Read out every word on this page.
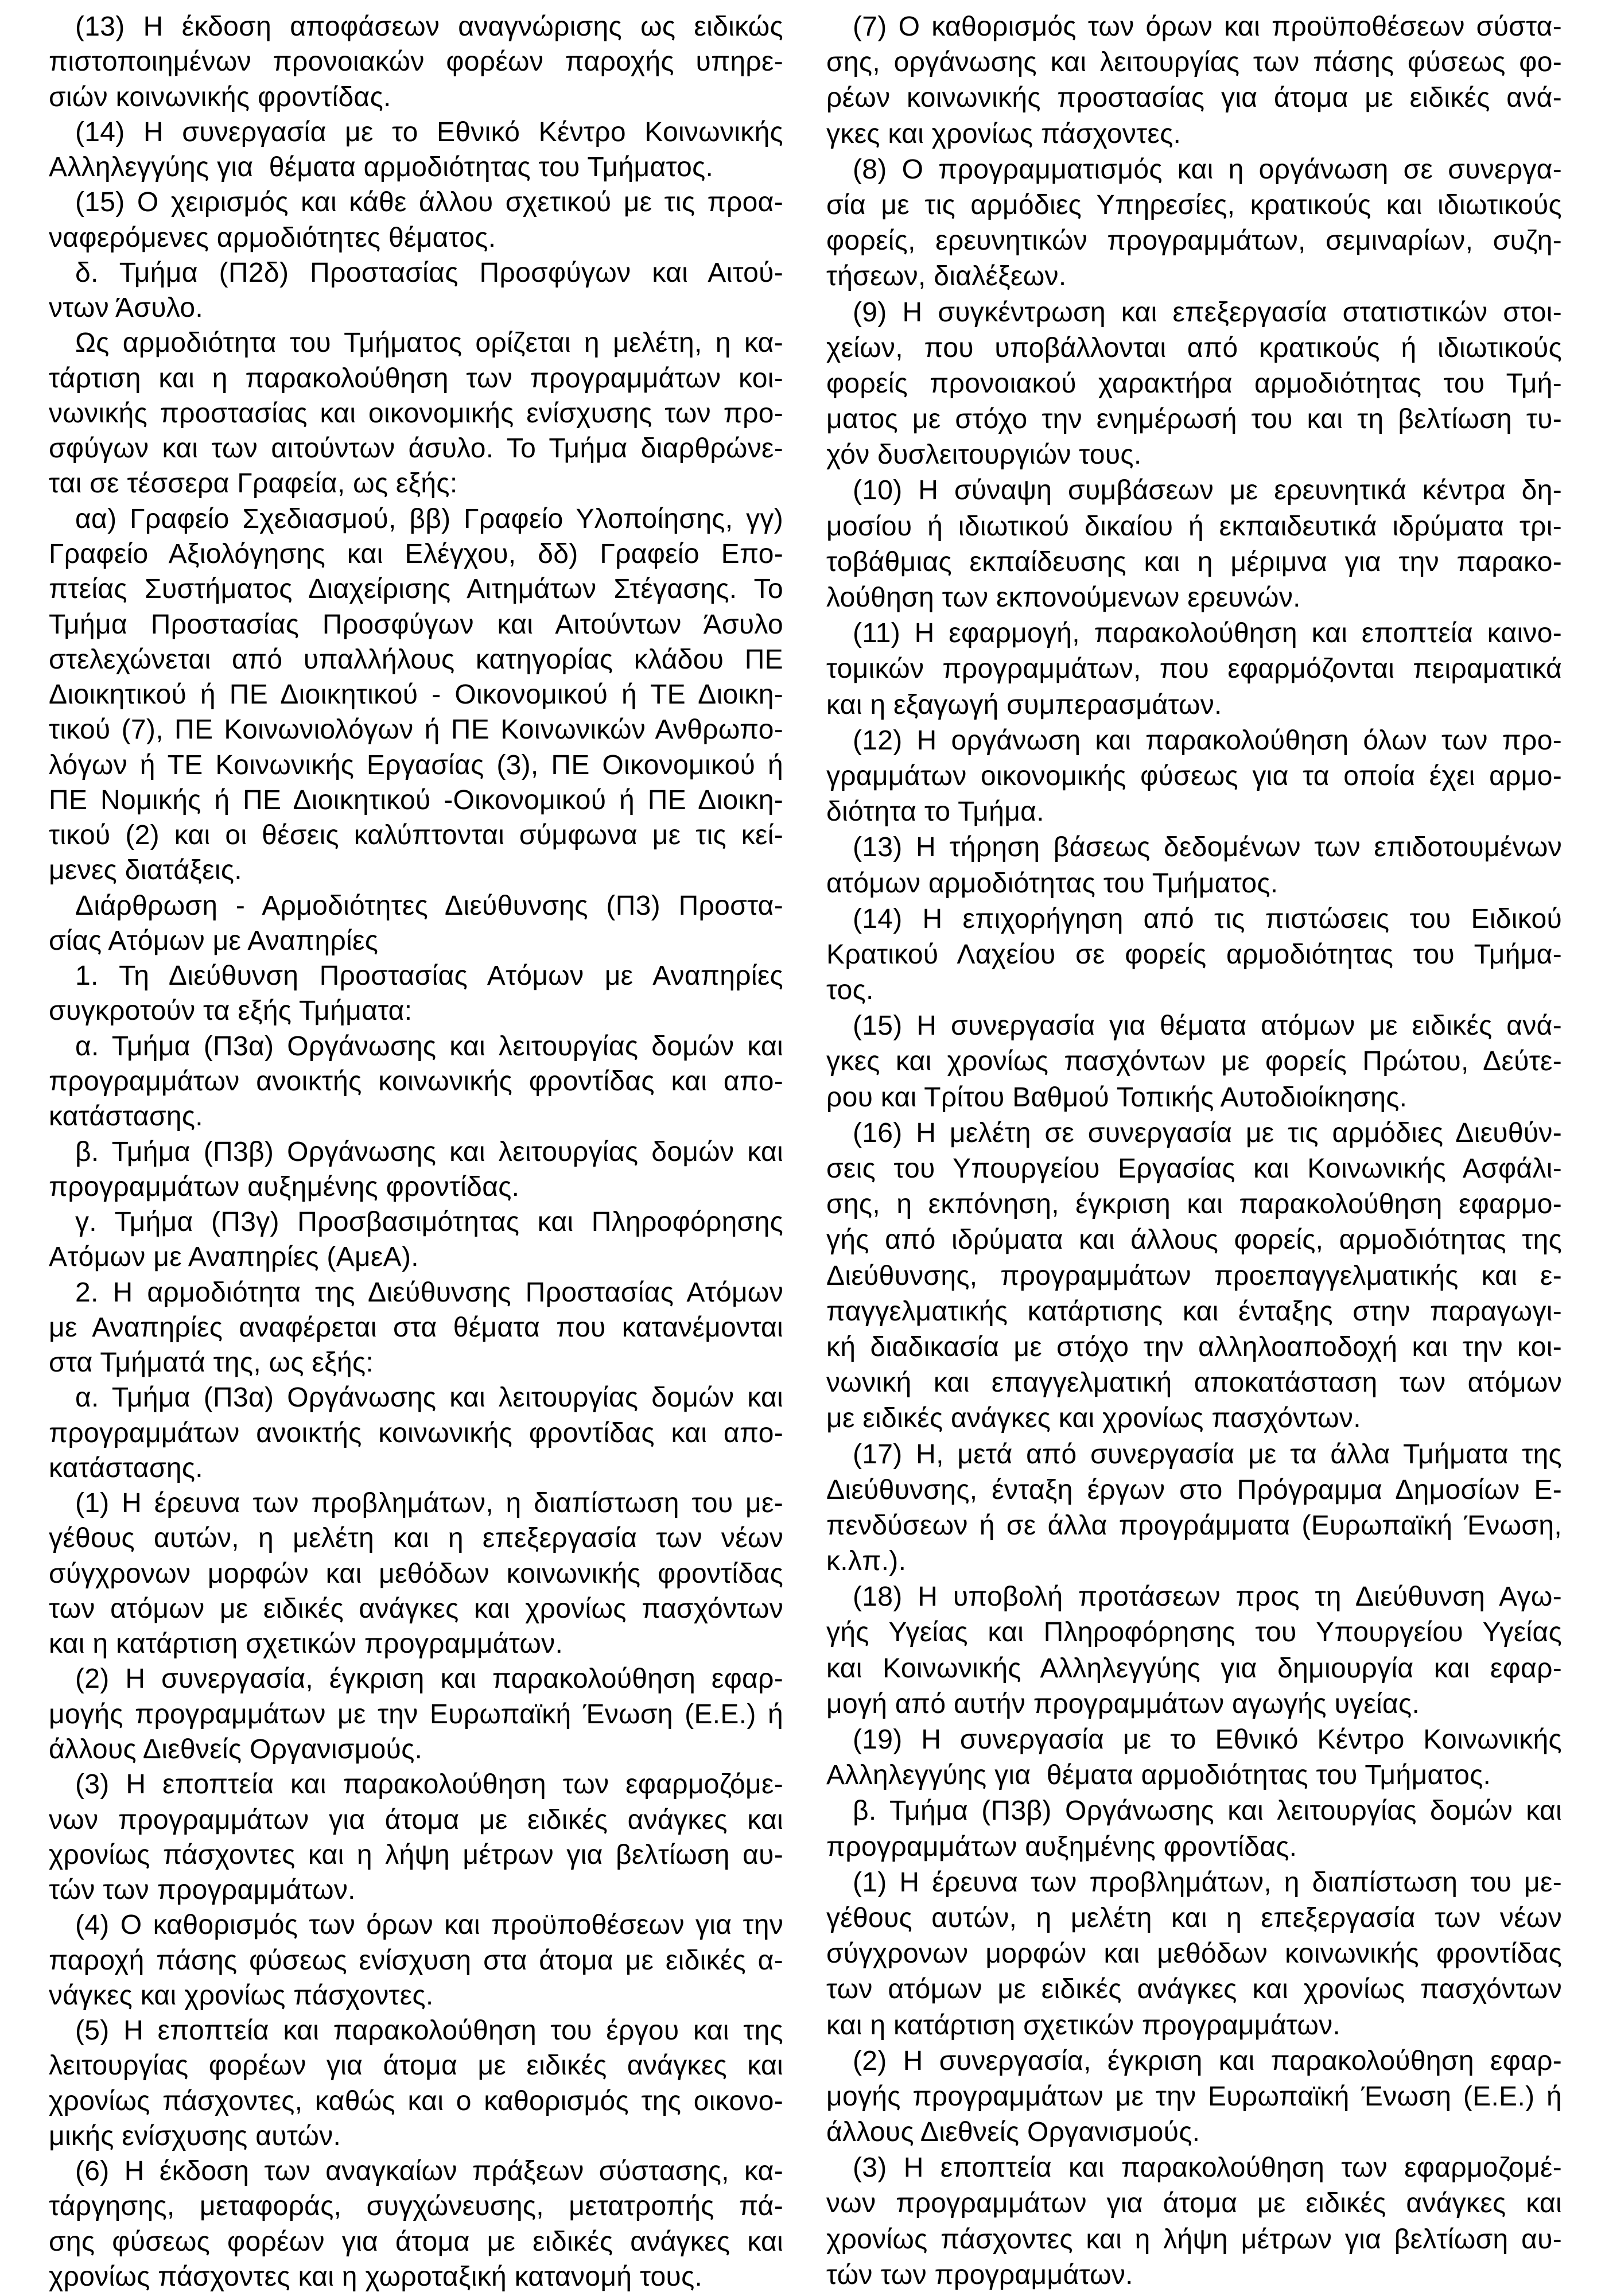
(13) Η έκδοση αποφάσεων αναγνώρισης ως ειδικώς
πιστοποιημένων προνοιακών φορέων παροχής υπηρε-
σιών κοινωνικής φροντίδας.
(14) Η συνεργασία με το Εθνικό Κέντρο Κοινωνικής
Αλληλεγγύης για  θέματα αρμοδιότητας του Τμήματος.
(15) Ο χειρισμός και κάθε άλλου σχετικού με τις προα-
ναφερόμενες αρμοδιότητες θέματος.
δ. Τμήμα (Π2δ) Προστασίας Προσφύγων και Αιτού-
ντων Άσυλο.
Ως αρμοδιότητα του Τμήματος ορίζεται η μελέτη, η κα-
τάρτιση και η παρακολούθηση των προγραμμάτων κοι-
νωνικής προστασίας και οικονομικής ενίσχυσης των προ-
σφύγων και των αιτούντων άσυλο. Το Τμήμα διαρθρώνε-
ται σε τέσσερα Γραφεία, ως εξής:
αα) Γραφείο Σχεδιασμού, ββ) Γραφείο Υλοποίησης, γγ)
Γραφείο Αξιολόγησης και Ελέγχου, δδ) Γραφείο Επο-
πτείας Συστήματος Διαχείρισης Αιτημάτων Στέγασης. Το
Τμήμα Προστασίας Προσφύγων και Αιτούντων Άσυλο
στελεχώνεται από υπαλλήλους κατηγορίας κλάδου ΠΕ
Διοικητικού ή ΠΕ Διοικητικού - Οικονομικού ή ΤΕ Διοικη-
τικού (7), ΠΕ Κοινωνιολόγων ή ΠΕ Κοινωνικών Ανθρωπο-
λόγων ή ΤΕ Κοινωνικής Εργασίας (3), ΠΕ Οικονομικού ή
ΠΕ Νομικής ή ΠΕ Διοικητικού -Οικονομικού ή ΠΕ Διοικη-
τικού (2) και οι θέσεις καλύπτονται σύμφωνα με τις κεί-
μενες διατάξεις.
Διάρθρωση - Αρμοδιότητες Διεύθυνσης (Π3) Προστα-
σίας Ατόμων με Αναπηρίες
1. Τη Διεύθυνση Προστασίας Ατόμων με Αναπηρίες
συγκροτούν τα εξής Τμήματα:
α. Τμήμα (Π3α) Οργάνωσης και λειτουργίας δομών και
προγραμμάτων ανοικτής κοινωνικής φροντίδας και απο-
κατάστασης.
β. Τμήμα (Π3β) Οργάνωσης και λειτουργίας δομών και
προγραμμάτων αυξημένης φροντίδας.
γ. Τμήμα (Π3γ) Προσβασιμότητας και Πληροφόρησης
Ατόμων με Αναπηρίες (ΑμεΑ).
2. Η αρμοδιότητα της Διεύθυνσης Προστασίας Ατόμων
με Αναπηρίες αναφέρεται στα θέματα που κατανέμονται
στα Τμήματά της, ως εξής:
α. Τμήμα (Π3α) Οργάνωσης και λειτουργίας δομών και
προγραμμάτων ανοικτής κοινωνικής φροντίδας και απο-
κατάστασης.
(1) Η έρευνα των προβλημάτων, η διαπίστωση του με-
γέθους αυτών, η μελέτη και η επεξεργασία των νέων
σύγχρονων μορφών και μεθόδων κοινωνικής φροντίδας
των ατόμων με ειδικές ανάγκες και χρονίως πασχόντων
και η κατάρτιση σχετικών προγραμμάτων.
(2) Η συνεργασία, έγκριση και παρακολούθηση εφαρ-
μογής προγραμμάτων με την Ευρωπαϊκή Ένωση (Ε.Ε.) ή
άλλους Διεθνείς Οργανισμούς.
(3) Η εποπτεία και παρακολούθηση των εφαρμοζόμε-
νων προγραμμάτων για άτομα με ειδικές ανάγκες και
χρονίως πάσχοντες και η λήψη μέτρων για βελτίωση αυ-
τών των προγραμμάτων.
(4) Ο καθορισμός των όρων και προϋποθέσεων για την
παροχή πάσης φύσεως ενίσχυση στα άτομα με ειδικές α-
νάγκες και χρονίως πάσχοντες.
(5) Η εποπτεία και παρακολούθηση του έργου και της
λειτουργίας φορέων για άτομα με ειδικές ανάγκες και
χρονίως πάσχοντες, καθώς και ο καθορισμός της οικονο-
μικής ενίσχυσης αυτών.
(6) Η έκδοση των αναγκαίων πράξεων σύστασης, κα-
τάργησης, μεταφοράς, συγχώνευσης, μετατροπής πά-
σης φύσεως φορέων για άτομα με ειδικές ανάγκες και
χρονίως πάσχοντες και η χωροταξική κατανομή τους.
(7) Ο καθορισμός των όρων και προϋποθέσεων σύστα-
σης, οργάνωσης και λειτουργίας των πάσης φύσεως φο-
ρέων κοινωνικής προστασίας για άτομα με ειδικές ανά-
γκες και χρονίως πάσχοντες.
(8) Ο προγραμματισμός και η οργάνωση σε συνεργα-
σία με τις αρμόδιες Υπηρεσίες, κρατικούς και ιδιωτικούς
φορείς, ερευνητικών προγραμμάτων, σεμιναρίων, συζη-
τήσεων, διαλέξεων.
(9) Η συγκέντρωση και επεξεργασία στατιστικών στοι-
χείων, που υποβάλλονται από κρατικούς ή ιδιωτικούς
φορείς προνοιακού χαρακτήρα αρμοδιότητας του Τμή-
ματος με στόχο την ενημέρωσή του και τη βελτίωση τυ-
χόν δυσλειτουργιών τους.
(10) Η σύναψη συμβάσεων με ερευνητικά κέντρα δη-
μοσίου ή ιδιωτικού δικαίου ή εκπαιδευτικά ιδρύματα τρι-
τοβάθμιας εκπαίδευσης και η μέριμνα για την παρακο-
λούθηση των εκπονούμενων ερευνών.
(11) Η εφαρμογή, παρακολούθηση και εποπτεία καινο-
τομικών προγραμμάτων, που εφαρμόζονται πειραματικά
και η εξαγωγή συμπερασμάτων.
(12) Η οργάνωση και παρακολούθηση όλων των προ-
γραμμάτων οικονομικής φύσεως για τα οποία έχει αρμο-
διότητα το Τμήμα.
(13) Η τήρηση βάσεως δεδομένων των επιδοτουμένων
ατόμων αρμοδιότητας του Τμήματος.
(14) Η επιχορήγηση από τις πιστώσεις του Ειδικού
Κρατικού Λαχείου σε φορείς αρμοδιότητας του Τμήμα-
τος.
(15) Η συνεργασία για θέματα ατόμων με ειδικές ανά-
γκες και χρονίως πασχόντων με φορείς Πρώτου, Δεύτε-
ρου και Τρίτου Βαθμού Τοπικής Αυτοδιοίκησης.
(16) Η μελέτη σε συνεργασία με τις αρμόδιες Διευθύν-
σεις του Υπουργείου Εργασίας και Κοινωνικής Ασφάλι-
σης, η εκπόνηση, έγκριση και παρακολούθηση εφαρμο-
γής από ιδρύματα και άλλους φορείς, αρμοδιότητας της
Διεύθυνσης, προγραμμάτων προεπαγγελματικής και ε-
παγγελματικής κατάρτισης και ένταξης στην παραγωγι-
κή διαδικασία με στόχο την αλληλοαποδοχή και την κοι-
νωνική και επαγγελματική αποκατάσταση των ατόμων
με ειδικές ανάγκες και χρονίως πασχόντων.
(17) Η, μετά από συνεργασία με τα άλλα Τμήματα της
Διεύθυνσης, ένταξη έργων στο Πρόγραμμα Δημοσίων Ε-
πενδύσεων ή σε άλλα προγράμματα (Ευρωπαϊκή Ένωση,
κ.λπ.).
(18) Η υποβολή προτάσεων προς τη Διεύθυνση Αγω-
γής Υγείας και Πληροφόρησης του Υπουργείου Υγείας
και Κοινωνικής Αλληλεγγύης για δημιουργία και εφαρ-
μογή από αυτήν προγραμμάτων αγωγής υγείας.
(19) Η συνεργασία με το Εθνικό Κέντρο Κοινωνικής
Αλληλεγγύης για  θέματα αρμοδιότητας του Τμήματος.
β. Τμήμα (Π3β) Οργάνωσης και λειτουργίας δομών και
προγραμμάτων αυξημένης φροντίδας.
(1) Η έρευνα των προβλημάτων, η διαπίστωση του με-
γέθους αυτών, η μελέτη και η επεξεργασία των νέων
σύγχρονων μορφών και μεθόδων κοινωνικής φροντίδας
των ατόμων με ειδικές ανάγκες και χρονίως πασχόντων
και η κατάρτιση σχετικών προγραμμάτων.
(2) Η συνεργασία, έγκριση και παρακολούθηση εφαρ-
μογής προγραμμάτων με την Ευρωπαϊκή Ένωση (Ε.Ε.) ή
άλλους Διεθνείς Οργανισμούς.
(3) Η εποπτεία και παρακολούθηση των εφαρμοζομέ-
νων προγραμμάτων για άτομα με ειδικές ανάγκες και
χρονίως πάσχοντες και η λήψη μέτρων για βελτίωση αυ-
τών των προγραμμάτων.
